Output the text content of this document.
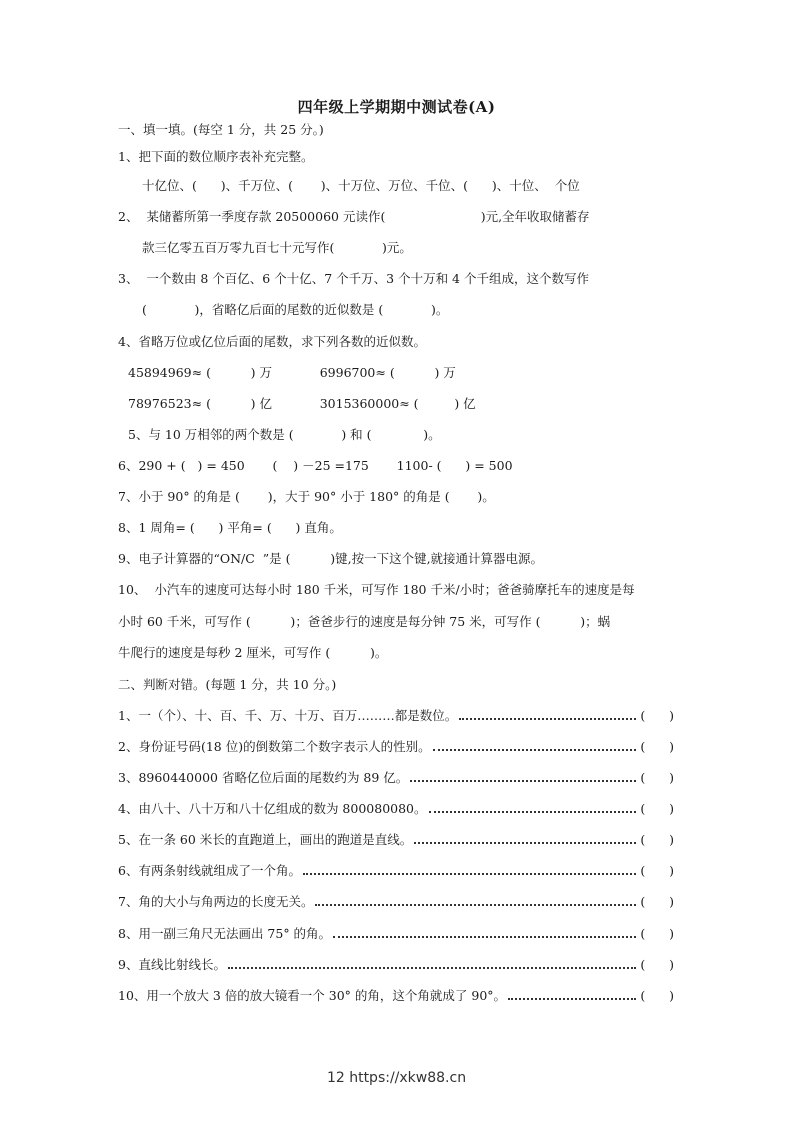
四年级上学期期中测试卷(A)
一、填一填。(每空 1 分，共 25 分。)
1、把下面的数位顺序表补充完整。
十亿位、(      )、千万位、(       )、十万位、万位、千位、(      )、十位、  个位
2、  某储蓄所第一季度存款 20500060 元读作(                        )元,全年收取储蓄存
款三亿零五百万零九百七十元写作(            )元。
3、  一个数由 8 个百亿、6 个十亿、7 个千万、3 个十万和 4 个千组成，这个数写作
(            )，省略亿后面的尾数的近似数是 (            )。
4、省略万位或亿位后面的尾数，求下列各数的近似数。
45894969≈ (          ) 万            6996700≈ (          ) 万
78976523≈ (          ) 亿            3015360000≈ (         ) 亿
5、与 10 万相邻的两个数是 (            ) 和 (             )。
6、290 + (   ) = 450       (    ) －25 =175       1100- (      ) = 500
7、小于 90° 的角是 (       )，大于 90° 小于 180° 的角是 (       )。
8、1 周角= (      ) 平角= (      ) 直角。
9、电子计算器的“ON/C  ”是 (          )键,按一下这个键,就接通计算器电源。
10、  小汽车的速度可达每小时 180 千米，可写作 180 千米/小时；爸爸骑摩托车的速度是每
小时 60 千米，可写作 (          )；爸爸步行的速度是每分钟 75 米，可写作 (          )；蜗
牛爬行的速度是每秒 2 厘米，可写作 (          )。
二、判断对错。(每题 1 分，共 10 分。)
1、一（个）、十、百、千、万、十万、百万………都是数位。	(      )
2、身份证号码(18 位)的倒数第二个数字表示人的性别。	(      )
3、8960440000 省略亿位后面的尾数约为 89 亿。	(      )
4、由八十、八十万和八十亿组成的数为 800080080。	(      )
5、在一条 60 米长的直跑道上，画出的跑道是直线。	(      )
6、有两条射线就组成了一个角。	(      )
7、角的大小与角两边的长度无关。	(      )
8、用一副三角尺无法画出 75° 的角。	(      )
9、直线比射线长。	(      )
10、用一个放大 3 倍的放大镜看一个 30° 的角，这个角就成了 90°。	(      )
12 https://xkw88.cn
